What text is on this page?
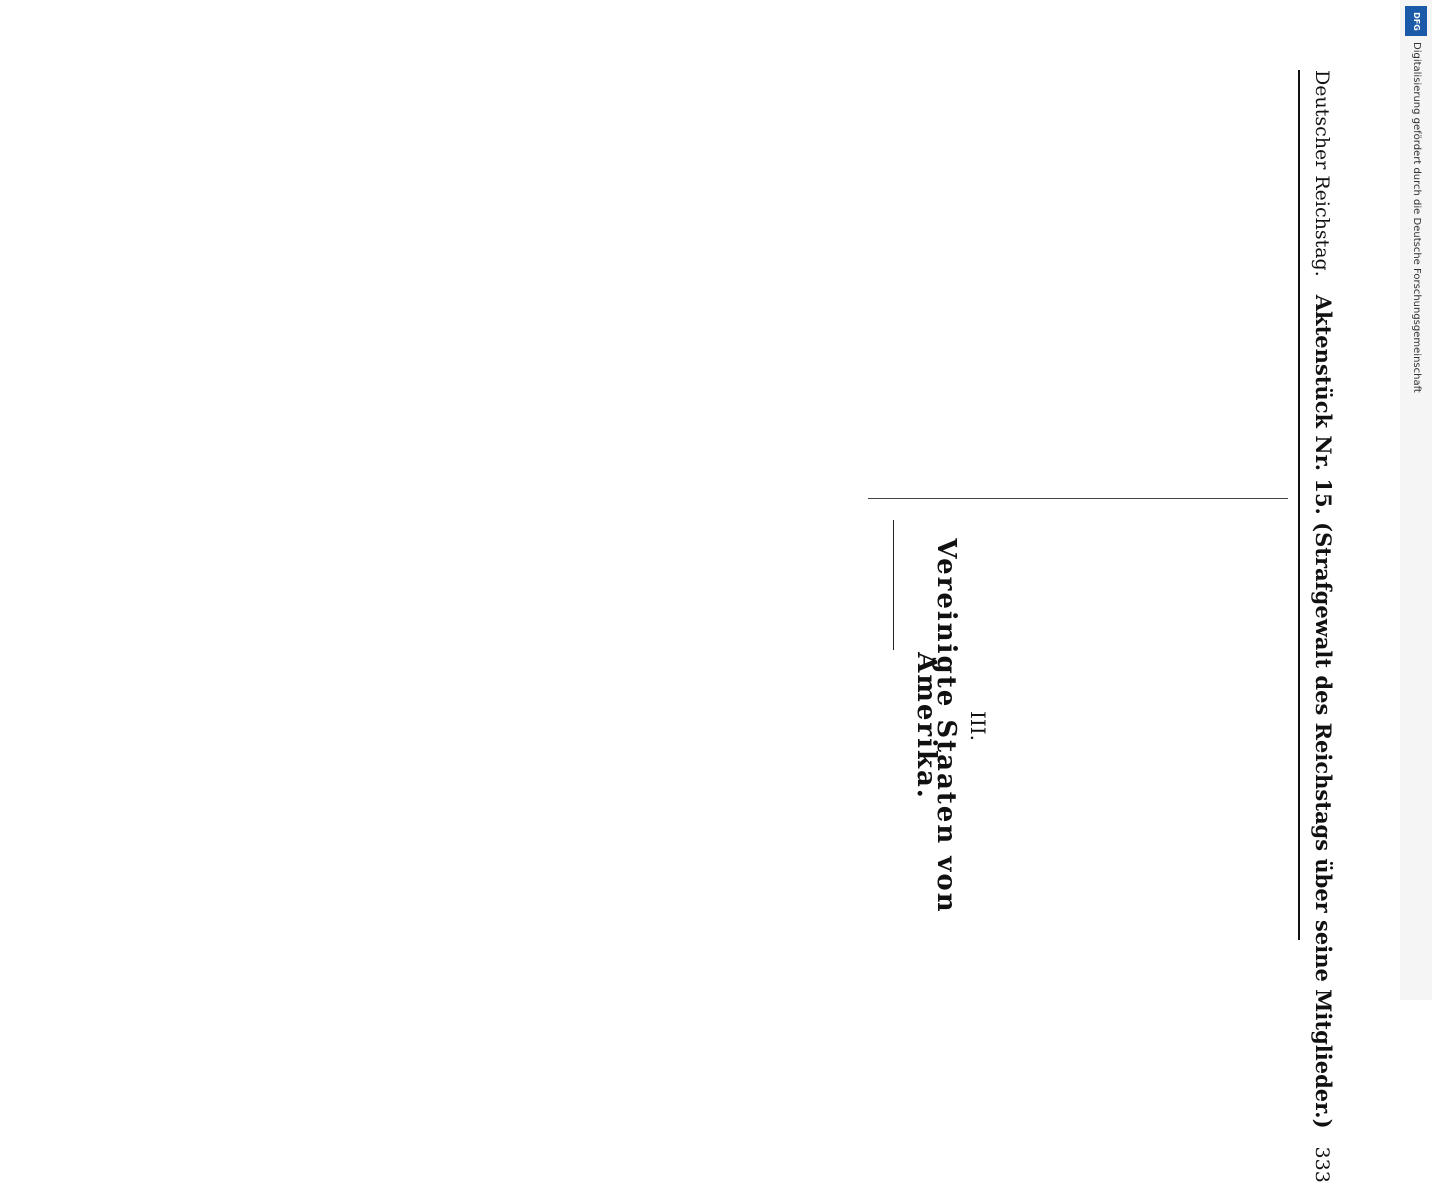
Deutscher Reichstag.
Aktenstück Nr. 15. (Strafgewalt des Reichstags über seine Mitglieder.)
333

III.
Vereinigte Staaten von Amerika.

DFG
Digitalisierung gefördert durch die Deutsche Forschungsgemeinschaft
